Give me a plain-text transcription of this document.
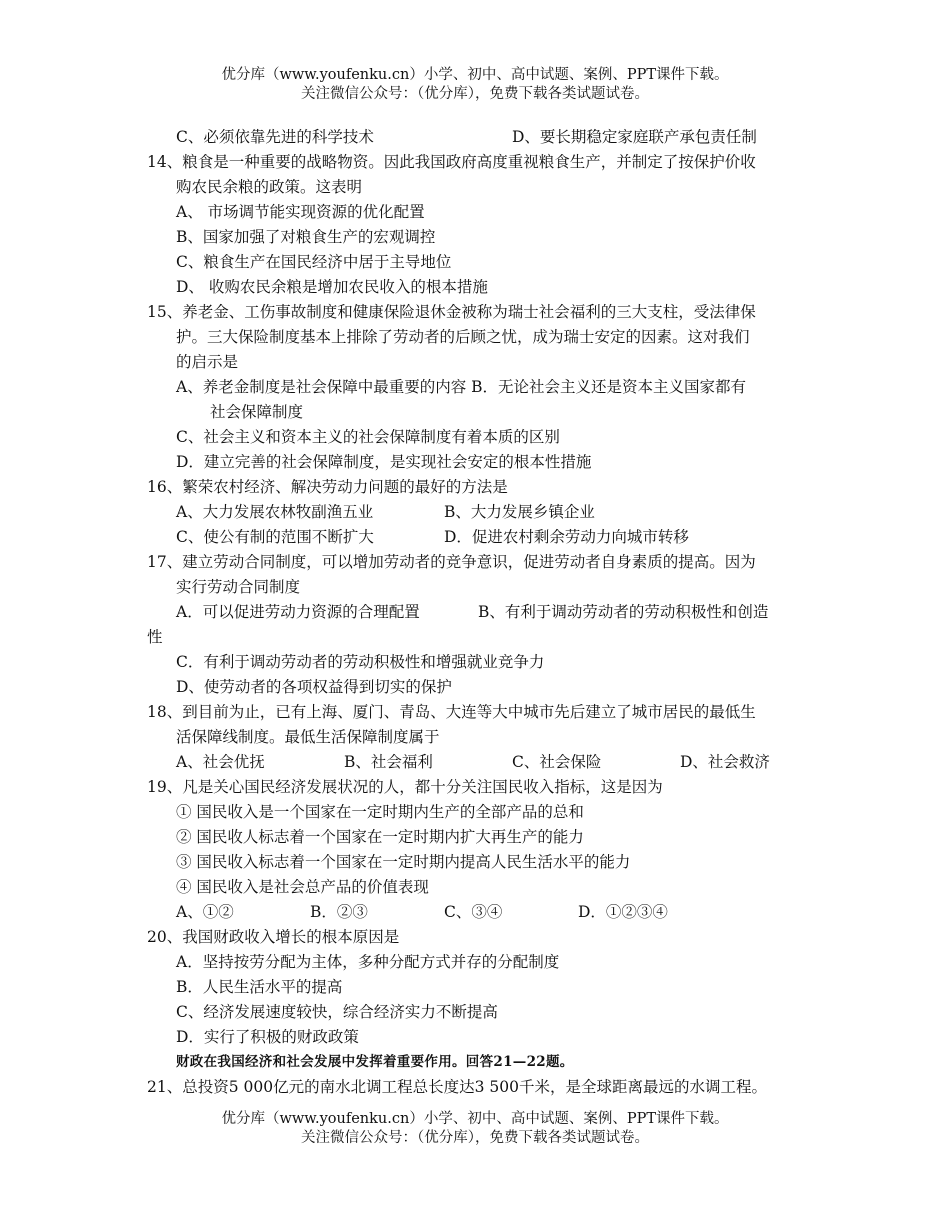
优分库（www.youfenku.cn）小学、初中、高中试题、案例、PPT课件下载。
关注微信公众号：（优分库），免费下载各类试题试卷。
C、必须依靠先进的科学技术	D、要长期稳定家庭联产承包责任制
14、粮食是一种重要的战略物资。因此我国政府高度重视粮食生产，并制定了按保护价收
购农民余粮的政策。这表明
A、 市场调节能实现资源的优化配置
B、国家加强了对粮食生产的宏观调控
C、粮食生产在国民经济中居于主导地位
D、 收购农民余粮是增加农民收入的根本措施
15、养老金、工伤事故制度和健康保险退休金被称为瑞士社会福利的三大支柱，受法律保
护。三大保险制度基本上排除了劳动者的后顾之忧，成为瑞士安定的因素。这对我们
的启示是
A、养老金制度是社会保障中最重要的内容 B．无论社会主义还是资本主义国家都有
社会保障制度
C、社会主义和资本主义的社会保障制度有着本质的区别
D．建立完善的社会保障制度，是实现社会安定的根本性措施
16、繁荣农村经济、解决劳动力问题的最好的方法是
A、大力发展农林牧副渔五业	B、大力发展乡镇企业
C、使公有制的范围不断扩大	D．促进农村剩余劳动力向城市转移
17、建立劳动合同制度，可以增加劳动者的竞争意识，促进劳动者自身素质的提高。因为
实行劳动合同制度
A．可以促进劳动力资源的合理配置	B、有利于调动劳动者的劳动积极性和创造
性
C．有利于调动劳动者的劳动积极性和增强就业竞争力
D、使劳动者的各项权益得到切实的保护
18、到目前为止，已有上海、厦门、青岛、大连等大中城市先后建立了城市居民的最低生
活保障线制度。最低生活保障制度属于
A、社会优抚	B、社会福利	C、社会保险	D、社会救济
19、凡是关心国民经济发展状况的人，都十分关注国民收入指标，这是因为
① 国民收入是一个国家在一定时期内生产的全部产品的总和
② 国民收人标志着一个国家在一定时期内扩大再生产的能力
③ 国民收入标志着一个国家在一定时期内提高人民生活水平的能力
④ 国民收入是社会总产品的价值表现
A、①②	B．②③	C、③④	D．①②③④
20、我国财政收入增长的根本原因是
A．坚持按劳分配为主体，多种分配方式并存的分配制度
B．人民生活水平的提高
C、经济发展速度较快，综合经济实力不断提高
D．实行了积极的财政政策
财政在我国经济和社会发展中发挥着重要作用。回答21—22题。
21、总投资5 000亿元的南水北调工程总长度达3 500千米，是全球距离最远的水调工程。
优分库（www.youfenku.cn）小学、初中、高中试题、案例、PPT课件下载。
关注微信公众号：（优分库），免费下载各类试题试卷。
